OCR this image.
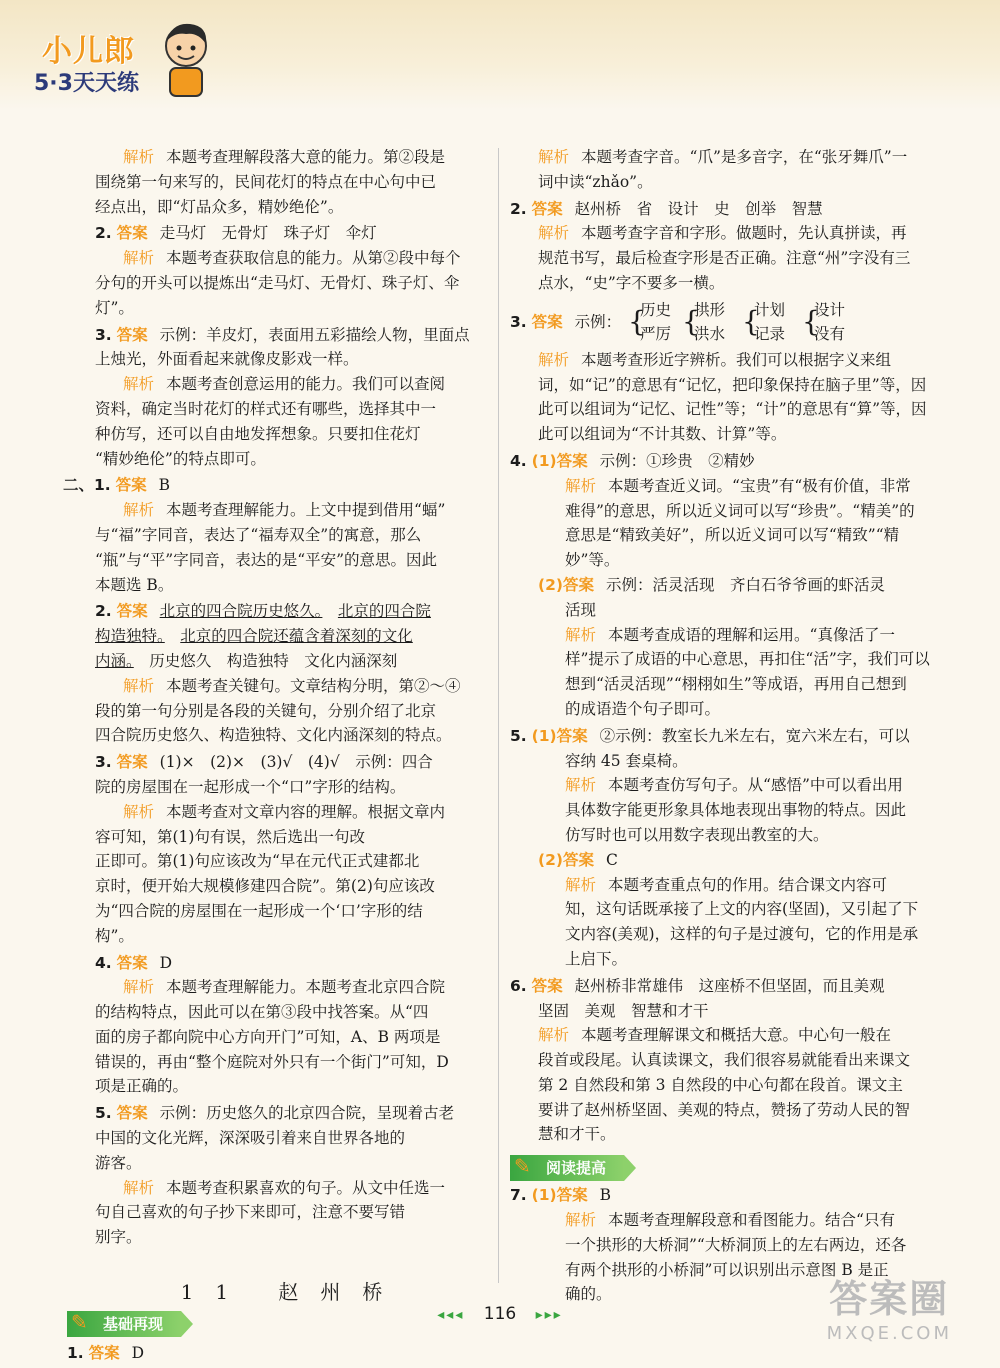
小儿郎
5·3天天练
解析 本题考查理解段落大意的能力。第②段是
围绕第一句来写的，民间花灯的特点在中心句中已
经点出，即“灯品众多，精妙绝伦”。
2. 答案 走马灯　无骨灯　珠子灯　伞灯
解析 本题考查获取信息的能力。从第②段中每个
分句的开头可以提炼出“走马灯、无骨灯、珠子灯、伞
灯”。
3. 答案 示例：羊皮灯，表面用五彩描绘人物，里面点
上烛光，外面看起来就像皮影戏一样。
解析 本题考查创意运用的能力。我们可以查阅
资料，确定当时花灯的样式还有哪些，选择其中一
种仿写，还可以自由地发挥想象。只要扣住花灯
“精妙绝伦”的特点即可。
二、1. 答案 B
解析 本题考查理解能力。上文中提到借用“蝠”
与“福”字同音，表达了“福寿双全”的寓意，那么
“瓶”与“平”字同音，表达的是“平安”的意思。因此
本题选 B。
2. 答案 北京的四合院历史悠久。　 北京的四合院
构造独特。　 北京的四合院还蕴含着深刻的文化
内涵。　 历史悠久　构造独特　文化内涵深刻
解析 本题考查关键句。文章结构分明，第②～④
段的第一句分别是各段的关键句，分别介绍了北京
四合院历史悠久、构造独特、文化内涵深刻的特点。
3. 答案 (1)×　(2)×　(3)√　(4)√　示例：四合
院的房屋围在一起形成一个“口”字形的结构。
解析 本题考查对文章内容的理解。根据文章内
容可知，第(1)句有误，然后选出一句改
正即可。第(1)句应该改为“早在元代正式建都北
京时，便开始大规模修建四合院”。第(2)句应该改
为“四合院的房屋围在一起形成一个‘口’字形的结
构”。
4. 答案 D
解析 本题考查理解能力。本题考查北京四合院
的结构特点，因此可以在第③段中找答案。从“四
面的房子都向院中心方向开门”可知，A、B 两项是
错误的，再由“整个庭院对外只有一个街门”可知，D
项是正确的。
5. 答案 示例：历史悠久的北京四合院，呈现着古老
中国的文化光辉，深深吸引着来自世界各地的
游客。
解析 本题考查积累喜欢的句子。从文中任选一
句自己喜欢的句子抄下来即可，注意不要写错
别字。
11 赵州桥
✎ 基础再现
1. 答案 D
解析 本题考查字音。“爪”是多音字，在“张牙舞爪”一
词中读“zhǎo”。
2. 答案 赵州桥　省　设计　史　创举　智慧
解析 本题考查字音和字形。做题时，先认真拼读，再
规范书写，最后检查字形是否正确。注意“州”字没有三
点水，“史”字不要多一横。
3. 答案 示例： {
历史
严厉 {
拱形
洪水 {
计划
记录 {
设计
没有
解析 本题考查形近字辨析。我们可以根据字义来组
词，如“记”的意思有“记忆，把印象保持在脑子里”等，因
此可以组词为“记忆、记性”等；“计”的意思有“算”等，因
此可以组词为“不计其数、计算”等。
4. (1)答案 示例：①珍贵　②精妙
解析 本题考查近义词。“宝贵”有“极有价值，非常
难得”的意思，所以近义词可以写“珍贵”。“精美”的
意思是“精致美好”，所以近义词可以写“精致”“精
妙”等。
(2)答案 示例：活灵活现　齐白石爷爷画的虾活灵
活现
解析 本题考查成语的理解和运用。“真像活了一
样”提示了成语的中心意思，再扣住“活”字，我们可以
想到“活灵活现”“栩栩如生”等成语，再用自己想到
的成语造个句子即可。
5. (1)答案 ②示例：教室长九米左右，宽六米左右，可以
容纳 45 套桌椅。
解析 本题考查仿写句子。从“感悟”中可以看出用
具体数字能更形象具体地表现出事物的特点。因此
仿写时也可以用数字表现出教室的大。
(2)答案 C
解析 本题考查重点句的作用。结合课文内容可
知，这句话既承接了上文的内容(坚固)，又引起了下
文内容(美观)，这样的句子是过渡句，它的作用是承
上启下。
6. 答案 赵州桥非常雄伟　这座桥不但坚固，而且美观
坚固　美观　智慧和才干
解析 本题考查理解课文和概括大意。中心句一般在
段首或段尾。认真读课文，我们很容易就能看出来课文
第 2 自然段和第 3 自然段的中心句都在段首。课文主
要讲了赵州桥坚固、美观的特点，赞扬了劳动人民的智
慧和才干。
✎ 阅读提高
7. (1)答案 B
解析 本题考查理解段意和看图能力。结合“只有
一个拱形的大桥洞”“大桥洞顶上的左右两边，还各
有两个拱形的小桥洞”可以识别出示意图 B 是正
确的。
◂◂◂ 116 ▸▸▸	答案圈
MXQE.COM
